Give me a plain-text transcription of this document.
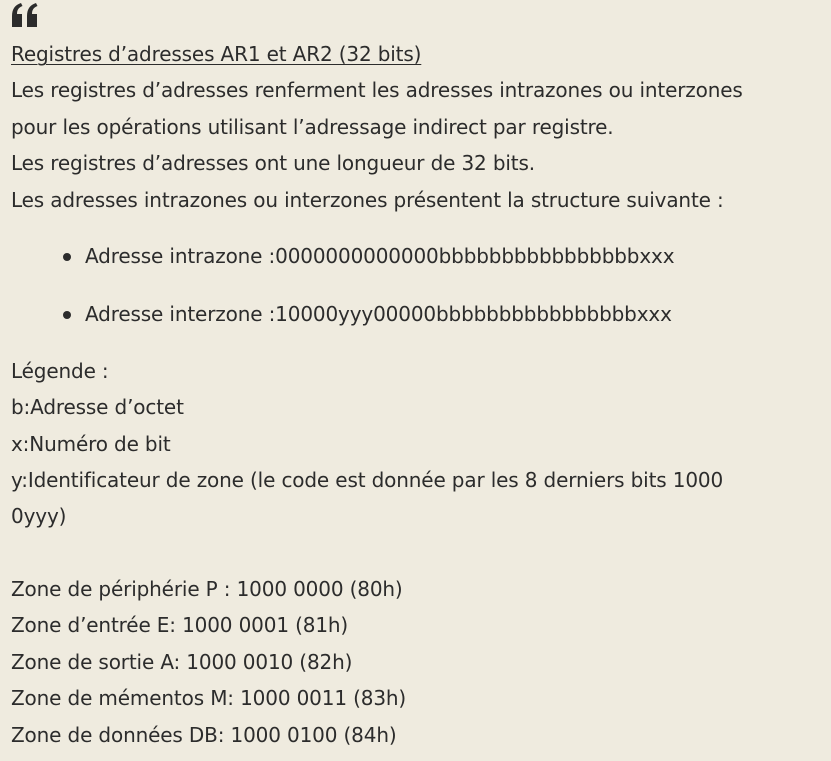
Registres d’adresses AR1 et AR2 (32 bits)
Les registres d’adresses renferment les adresses intrazones ou interzones
pour les opérations utilisant l’adressage indirect par registre.
Les registres d’adresses ont une longueur de 32 bits.
Les adresses intrazones ou interzones présentent la structure suivante :
Adresse intrazone :0000000000000bbbbbbbbbbbbbbbbxxx
Adresse interzone :10000yyy00000bbbbbbbbbbbbbbbbxxx
Légende :
b:Adresse d’octet
x:Numéro de bit
y:Identificateur de zone (le code est donnée par les 8 derniers bits 1000
0yyy)
Zone de périphérie P : 1000 0000 (80h)
Zone d’entrée E: 1000 0001 (81h)
Zone de sortie A: 1000 0010 (82h)
Zone de mémentos M: 1000 0011 (83h)
Zone de données DB: 1000 0100 (84h)
